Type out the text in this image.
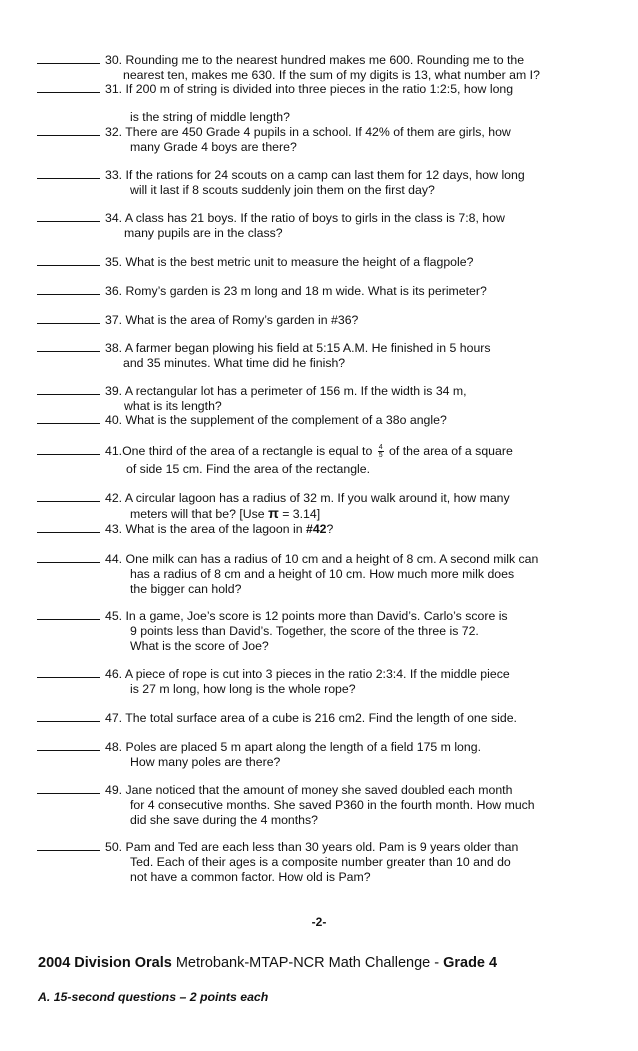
30. Rounding me to the nearest hundred makes me 600. Rounding me to the
nearest ten, makes me 630. If the sum of my digits is 13, what number am I?
31. If 200 m of string is divided into three pieces in the ratio 1:2:5, how long
is the string of middle length?
32. There are 450 Grade 4 pupils in a school. If 42% of them are girls, how
many Grade 4 boys are there?
33. If the rations for 24 scouts on a camp can last them for 12 days, how long
will it last if 8 scouts suddenly join them on the first day?
34. A class has 21 boys. If the ratio of boys to girls in the class is 7:8, how
many pupils are in the class?
35. What is the best metric unit to measure the height of a flagpole?
36. Romy’s garden is 23 m long and 18 m wide. What is its perimeter?
37. What is the area of Romy’s garden in #36?
38. A farmer began plowing his field at 5:15 A.M. He finished in 5 hours
and 35 minutes. What time did he finish?
39. A rectangular lot has a perimeter of 156 m. If the width is 34 m,
what is its length?
40. What is the supplement of the complement of a 38o angle?
41.One third of the area of a rectangle is equal to $\frac{4}{5}$ of the area of a square
of side 15 cm. Find the area of the rectangle.
42. A circular lagoon has a radius of 32 m. If you walk around it, how many
meters will that be? [Use π = 3.14]
43. What is the area of the lagoon in #42?
44. One milk can has a radius of 10 cm and a height of 8 cm. A second milk can
has a radius of 8 cm and a height of 10 cm. How much more milk does
the bigger can hold?
45. In a game, Joe’s score is 12 points more than David’s. Carlo’s score is
9 points less than David’s. Together, the score of the three is 72.
What is the score of Joe?
46. A piece of rope is cut into 3 pieces in the ratio 2:3:4. If the middle piece
is 27 m long, how long is the whole rope?
47. The total surface area of a cube is 216 cm2. Find the length of one side.
48. Poles are placed 5 m apart along the length of a field 175 m long.
How many poles are there?
49. Jane noticed that the amount of money she saved doubled each month
for 4 consecutive months. She saved P360 in the fourth month. How much
did she save during the 4 months?
50. Pam and Ted are each less than 30 years old. Pam is 9 years older than
Ted. Each of their ages is a composite number greater than 10 and do
not have a common factor. How old is Pam?
-2-
2004 Division Orals Metrobank-MTAP-NCR Math Challenge - Grade 4
A. 15-second questions – 2 points each
